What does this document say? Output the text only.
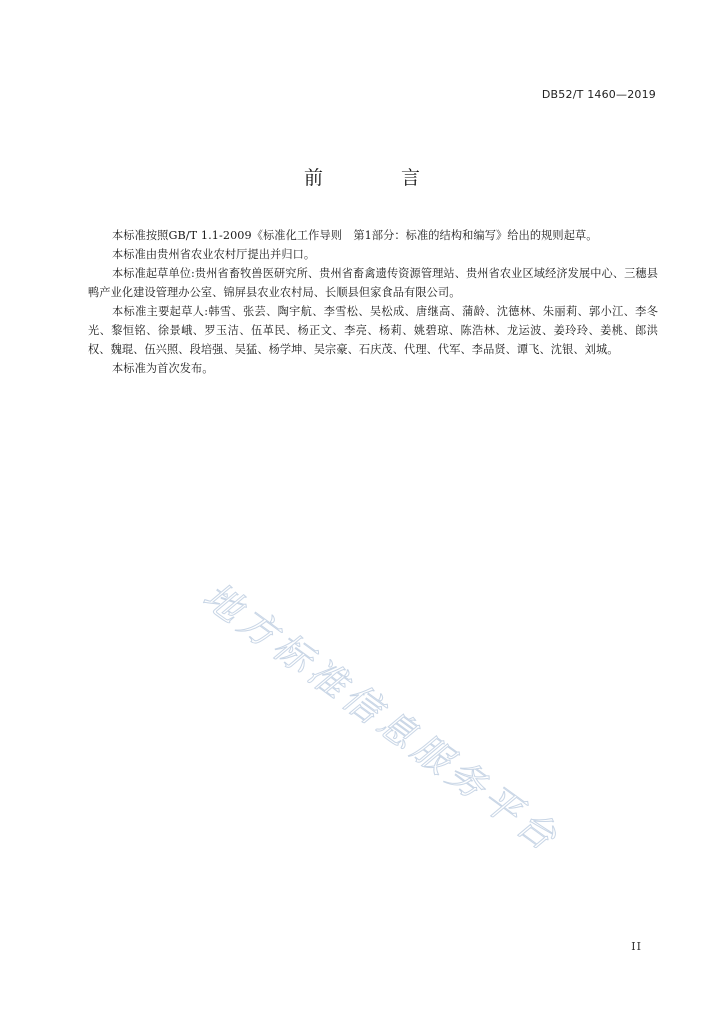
DB52/T 1460—2019
前 言

本标准按照GB/T 1.1-2009《标准化工作导则　第1部分：标准的结构和编写》给出的规则起草。

本标准由贵州省农业农村厅提出并归口。

本标准起草单位:贵州省畜牧兽医研究所、贵州省畜禽遗传资源管理站、贵州省农业区域经济发展中心、三穗县鸭产业化建设管理办公室、锦屏县农业农村局、长顺县但家食品有限公司。

本标准主要起草人:韩雪、张芸、陶宇航、李雪松、吴松成、唐继高、蒲龄、沈德林、朱丽莉、郭小江、李冬光、黎恒铭、徐景峨、罗玉洁、伍革民、杨正文、李亮、杨莉、姚碧琼、陈浩林、龙运波、姜玲玲、姜桃、郎洪权、魏琨、伍兴照、段培强、吴猛、杨学坤、吴宗豪、石庆茂、代理、代军、李品贤、谭飞、沈银、刘城。

本标准为首次发布。

地方标准信息服务平台
II
